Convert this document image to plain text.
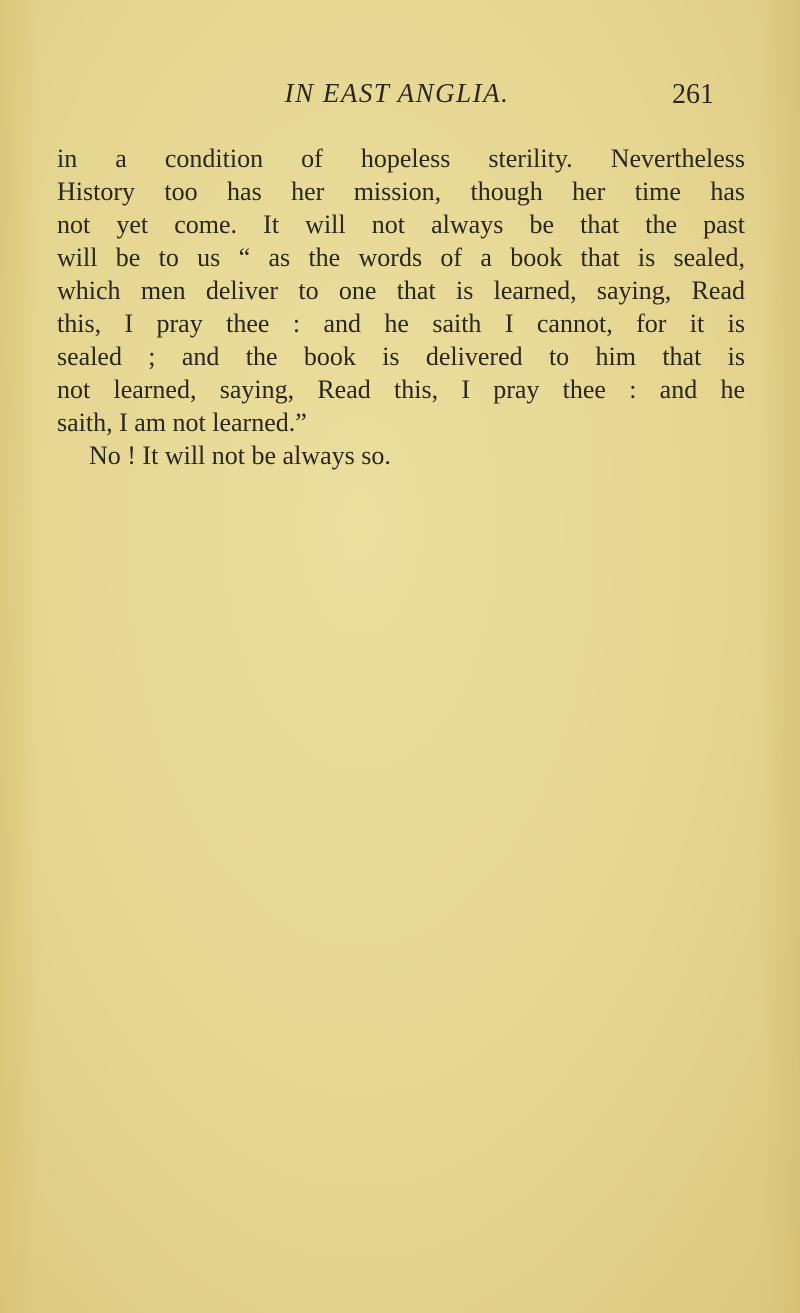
IN EAST ANGLIA.	261
in a condition of hopeless sterility. Nevertheless
History too has her mission, though her time has
not yet come. It will not always be that the past
will be to us “ as the words of a book that is sealed,
which men deliver to one that is learned, saying, Read
this, I pray thee : and he saith I cannot, for it is
sealed ; and the book is delivered to him that is
not learned, saying, Read this, I pray thee : and he
saith, I am not learned.”
No ! It will not be always so.
